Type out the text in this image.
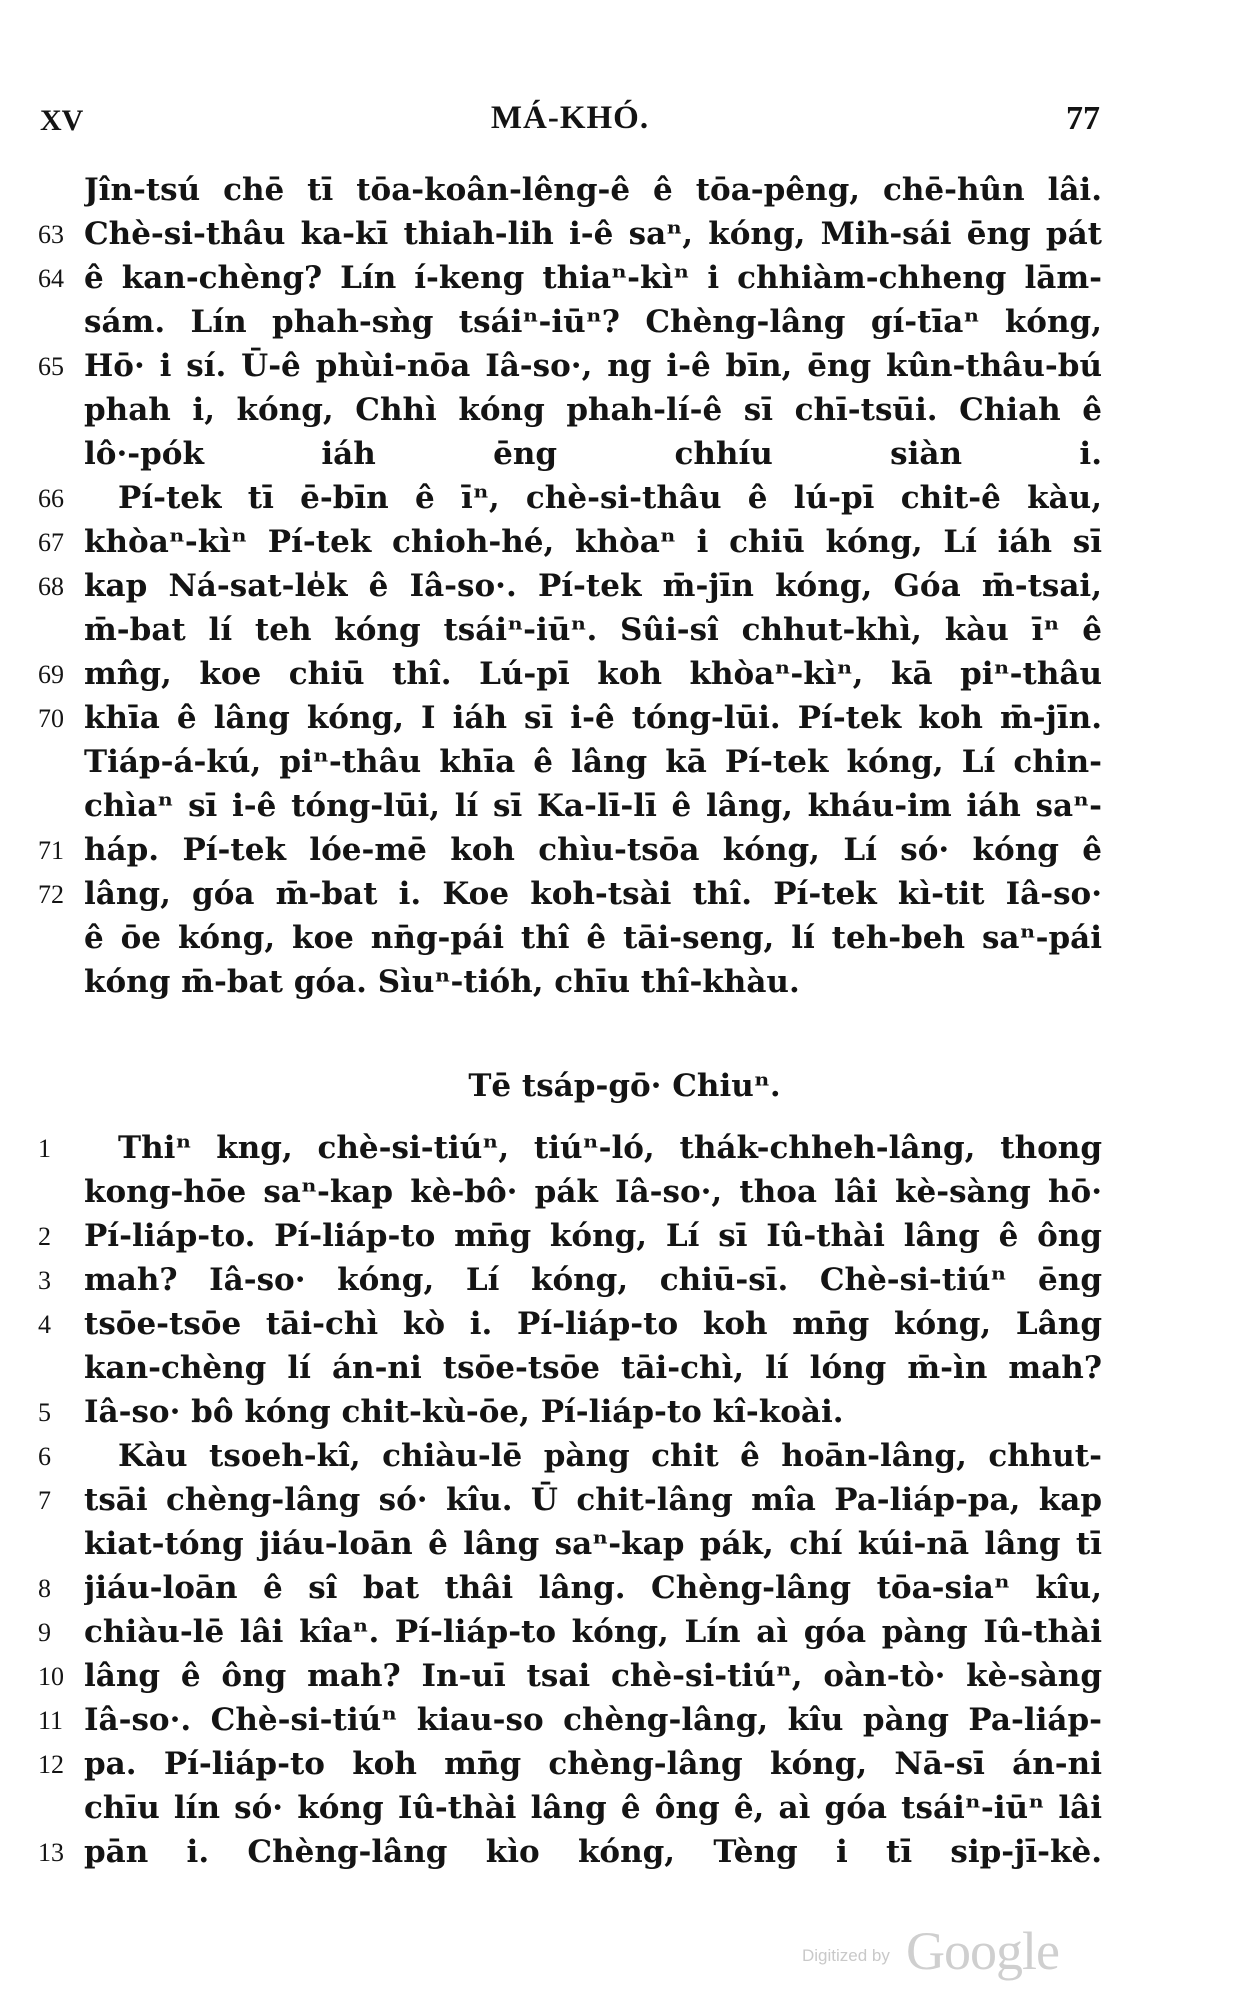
XV	MÁ-KHÓ.	77
Jîn-tsú chē tī tōa-koân-lêng-ê ê tōa-pêng, chē-hûn lâi.
63 Chè-si-thâu ka-kī thiah-lih i-ê saⁿ, kóng, Mih-sái ēng pát
64 ê kan-chèng? Lín í-keng thiaⁿ-kìⁿ i chhiàm-chheng lām-
sám. Lín phah-sǹg tsáiⁿ-iūⁿ? Chèng-lâng gí-tīaⁿ kóng,
65 Hō· i sí. Ū-ê phùi-nōa Iâ-so·, ng i-ê bīn, ēng kûn-thâu-bú
phah i, kóng, Chhì kóng phah-lí-ê sī chī-tsūi. Chiah ê
lô·-pók iáh ēng chhíu siàn i.
66	Pí-tek tī ē-bīn ê īⁿ, chè-si-thâu ê lú-pī chit-ê kàu,
67 khòaⁿ-kìⁿ Pí-tek chioh-hé, khòaⁿ i chiū kóng, Lí iáh sī
68 kap Ná-sat-le̍k ê Iâ-so·. Pí-tek m̄-jīn kóng, Góa m̄-tsai,
m̄-bat lí teh kóng tsáiⁿ-iūⁿ. Sûi-sî chhut-khì, kàu īⁿ ê
69 mn̂g, koe chiū thî. Lú-pī koh khòaⁿ-kìⁿ, kā piⁿ-thâu
70 khīa ê lâng kóng, I iáh sī i-ê tóng-lūi. Pí-tek koh m̄-jīn.
Tiáp-á-kú, piⁿ-thâu khīa ê lâng kā Pí-tek kóng, Lí chin-
chìaⁿ sī i-ê tóng-lūi, lí sī Ka-lī-lī ê lâng, kháu-im iáh saⁿ-
71 háp. Pí-tek lóe-mē koh chìu-tsōa kóng, Lí só· kóng ê
72 lâng, góa m̄-bat i. Koe koh-tsài thî. Pí-tek kì-tit Iâ-so·
ê ōe kóng, koe nn̄g-pái thî ê tāi-seng, lí teh-beh saⁿ-pái
kóng m̄-bat góa. Sìuⁿ-tióh, chīu thî-khàu.
Tē tsáp-gō· Chiuⁿ.
1	Thiⁿ kng, chè-si-tiúⁿ, tiúⁿ-ló, thák-chheh-lâng, thong
kong-hōe saⁿ-kap kè-bô· pák Iâ-so·, thoa lâi kè-sàng hō·
2	Pí-liáp-to. Pí-liáp-to mn̄g kóng, Lí sī Iû-thài lâng ê ông
3	mah? Iâ-so· kóng, Lí kóng, chiū-sī. Chè-si-tiúⁿ ēng
4	tsōe-tsōe tāi-chì kò i. Pí-liáp-to koh mn̄g kóng, Lâng
kan-chèng lí án-ni tsōe-tsōe tāi-chì, lí lóng m̄-ìn mah?
5	Iâ-so· bô kóng chit-kù-ōe, Pí-liáp-to kî-koài.
6	Kàu tsoeh-kî, chiàu-lē pàng chit ê hoān-lâng, chhut-
7	tsāi chèng-lâng só· kîu. Ū chit-lâng mîa Pa-liáp-pa, kap
kiat-tóng jiáu-loān ê lâng saⁿ-kap pák, chí kúi-nā lâng tī
8	jiáu-loān ê sî bat thâi lâng. Chèng-lâng tōa-siaⁿ kîu,
9	chiàu-lē lâi kîaⁿ. Pí-liáp-to kóng, Lín aì góa pàng Iû-thài
10 lâng ê ông mah? In-uī tsai chè-si-tiúⁿ, oàn-tò· kè-sàng
11 Iâ-so·. Chè-si-tiúⁿ kiau-so chèng-lâng, kîu pàng Pa-liáp-
12 pa. Pí-liáp-to koh mn̄g chèng-lâng kóng, Nā-sī án-ni
chīu lín só· kóng Iû-thài lâng ê ông ê, aì góa tsáiⁿ-iūⁿ lâi
13 pān i. Chèng-lâng kìo kóng, Tèng i tī sip-jī-kè.
Digitized by Google
